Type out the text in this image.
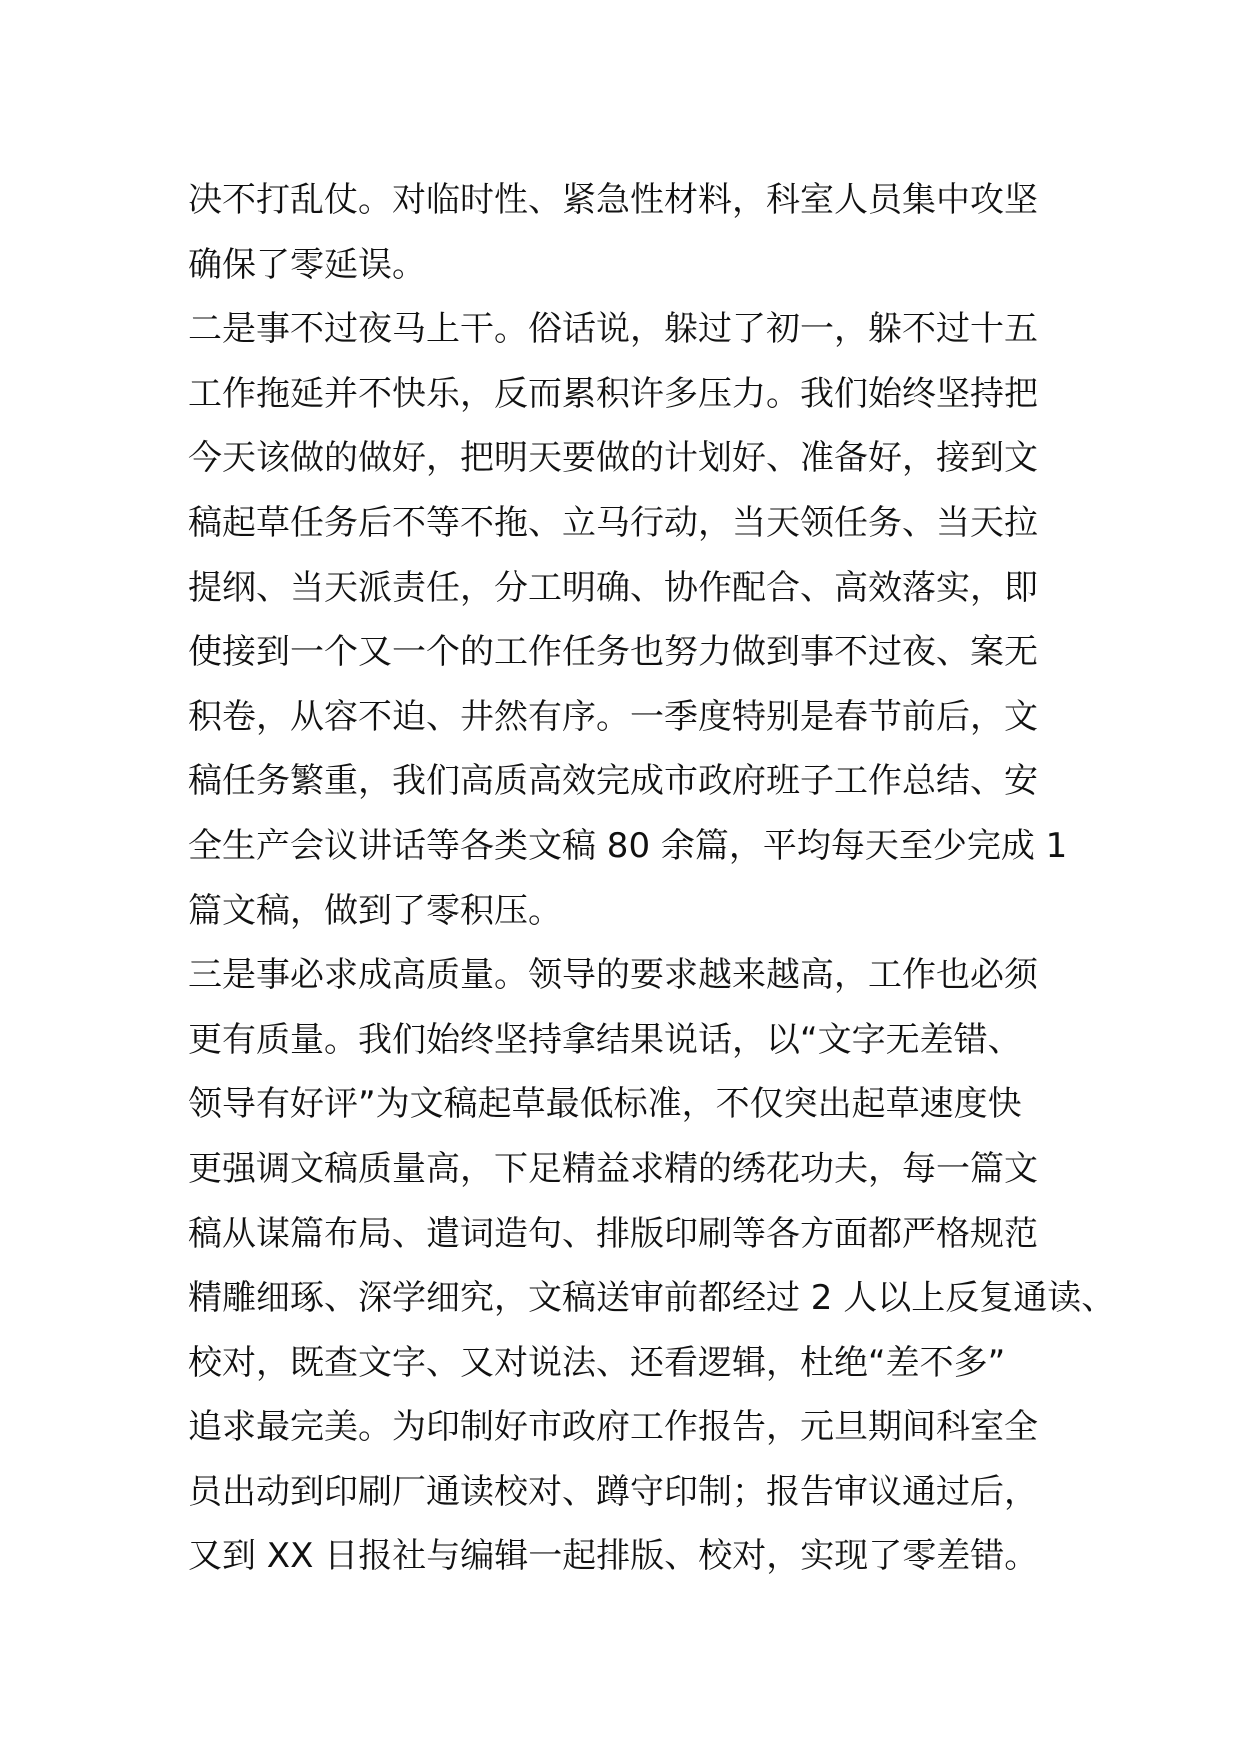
决不打乱仗。对临时性、紧急性材料，科室人员集中攻坚
确保了零延误。
二是事不过夜马上干。俗话说，躲过了初一，躲不过十五
工作拖延并不快乐，反而累积许多压力。我们始终坚持把
今天该做的做好，把明天要做的计划好、准备好，接到文
稿起草任务后不等不拖、立马行动，当天领任务、当天拉
提纲、当天派责任，分工明确、协作配合、高效落实，即
使接到一个又一个的工作任务也努力做到事不过夜、案无
积卷，从容不迫、井然有序。一季度特别是春节前后，文
稿任务繁重，我们高质高效完成市政府班子工作总结、安
全生产会议讲话等各类文稿 80 余篇，平均每天至少完成 1
篇文稿，做到了零积压。
三是事必求成高质量。领导的要求越来越高，工作也必须
更有质量。我们始终坚持拿结果说话，以“文字无差错、
领导有好评”为文稿起草最低标准，不仅突出起草速度快
更强调文稿质量高，下足精益求精的绣花功夫，每一篇文
稿从谋篇布局、遣词造句、排版印刷等各方面都严格规范
精雕细琢、深学细究，文稿送审前都经过 2 人以上反复通读、
校对，既查文字、又对说法、还看逻辑，杜绝“差不多”
追求最完美。为印制好市政府工作报告，元旦期间科室全
员出动到印刷厂通读校对、蹲守印制；报告审议通过后，
又到 XX 日报社与编辑一起排版、校对，实现了零差错。
